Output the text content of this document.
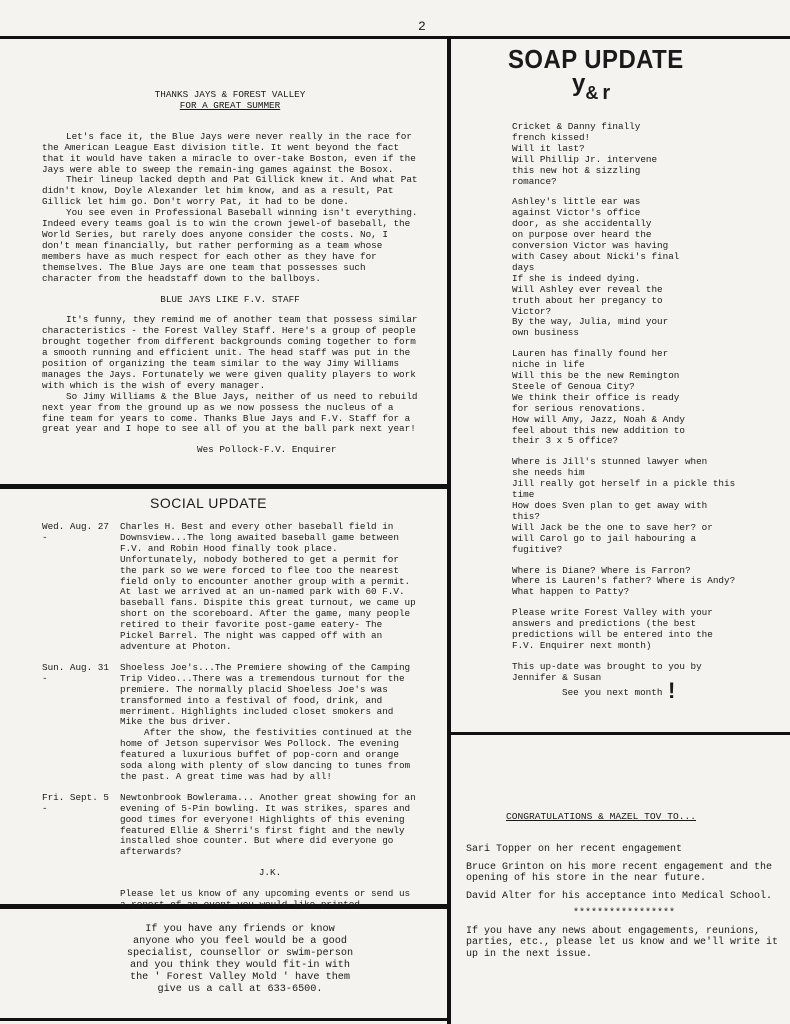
2
THANKS JAYS & FOREST VALLEY
FOR A GREAT SUMMER

Let's face it, the Blue Jays were never really in the race for the American League East division title. It went beyond the fact that it would have taken a miracle to over-take Boston, even if the Jays were able to sweep the remain-ing games against the Bosox.

Their lineup lacked depth and Pat Gillick knew it. And what Pat didn't know, Doyle Alexander let him know, and as a result, Pat Gillick let him go. Don't worry Pat, it had to be done.

You see even in Professional Baseball winning isn't everything. Indeed every teams goal is to win the crown jewel-of baseball, the World Series, but rarely does anyone consider the costs. No, I don't mean financially, but rather performing as a team whose members have as much respect for each other as they have for themselves. The Blue Jays are one team that possesses such character from the headstaff down to the ballboys.

BLUE JAYS LIKE F.V. STAFF

It's funny, they remind me of another team that possess similar characteristics - the Forest Valley Staff. Here's a group of people brought together from different backgrounds coming together to form a smooth running and efficient unit. The head staff was put in the position of organizing the team similar to the way Jimy Williams manages the Jays. Fortunately we were given quality players to work with which is the wish of every manager.

So Jimy Williams & the Blue Jays, neither of us need to rebuild next year from the ground up as we now possess the nucleus of a fine team for years to come. Thanks Blue Jays and F.V. Staff for a great year and I hope to see all of you at the ball park next year!

Wes Pollock-F.V. Enquirer
SOCIAL UPDATE
Wed. Aug. 27 -
Charles H. Best and every other baseball field in Downsview...The long awaited baseball game between F.V. and Robin Hood finally took place. Unfortunately, nobody bothered to get a permit for the park so we were forced to flee too the nearest field only to encounter another group with a permit. At last we arrived at an un-named park with 60 F.V. baseball fans. Dispite this great turnout, we came up short on the scoreboard. After the game, many people retired to their favorite post-game eatery- The Pickel Barrel. The night was capped off with an adventure at Photon.
Sun. Aug. 31 -
Shoeless Joe's...The Premiere showing of the Camping Trip Video...There was a tremendous turnout for the premiere. The normally placid Shoeless Joe's was transformed into a festival of food, drink, and merriment. Highlights included closet smokers and Mike the bus driver.
After the show, the festivities continued at the home of Jetson supervisor Wes Pollock. The evening featured a luxurious buffet of pop-corn and orange soda along with plenty of slow dancing to tunes from the past. A great time was had by all!
Fri. Sept. 5 -
Newtonbrook Bowlerama... Another great showing for an evening of 5-Pin bowling. It was strikes, spares and good times for everyone! Highlights of this evening featured Ellie & Sherri's first fight and the newly installed shoe counter. But where did everyone go afterwards?
J.K.
Please let us know of any upcoming events or send us a report of an event you would like printed.
If you have any friends or know
anyone who you feel would be a good
specialist, counsellor or swim-person
and you think they would fit-in with
the ' Forest Valley Mold ' have them
give us a call at 633-6500.
SOAP UPDATE
y& r
Cricket & Danny finally
french kissed!
Will it last?
Will Phillip Jr. intervene
this new hot & sizzling
romance?
Ashley's little ear was
against Victor's office
door, as she accidentally
on purpose over heard the
conversion Victor was having
with Casey about Nicki's final
days
If she is indeed dying.
Will Ashley ever reveal the
truth about her pregancy to
Victor?
By the way, Julia, mind your
own business
Lauren has finally found her
niche in life
Will this be the new Remington
Steele of Genoua City?
We think their office is ready
for serious renovations.
How will Amy, Jazz, Noah & Andy
feel about this new addition to
their 3 x 5 office?
Where is Jill's stunned lawyer when
she needs him
Jill really got herself in a pickle this
time
How does Sven plan to get away with
this?
Will Jack be the one to save her? or
will Carol go to jail habouring a
fugitive?
Where is Diane? Where is Farron?
Where is Lauren's father? Where is Andy?
What happen to Patty?
Please write Forest Valley with your
answers and predictions (the best
predictions will be entered into the
F.V. Enquirer next month)
This up-date was brought to you by
Jennifer & Susan
See you next month !
CONGRATULATIONS & MAZEL TOV TO...
Sari Topper on her recent engagement
Bruce Grinton on his more recent engagement and the opening of his store in the near future.
David Alter for his acceptance into Medical School.
*****************
If you have any news about engagements, reunions, parties, etc., please let us know and we'll write it up in the next issue.
